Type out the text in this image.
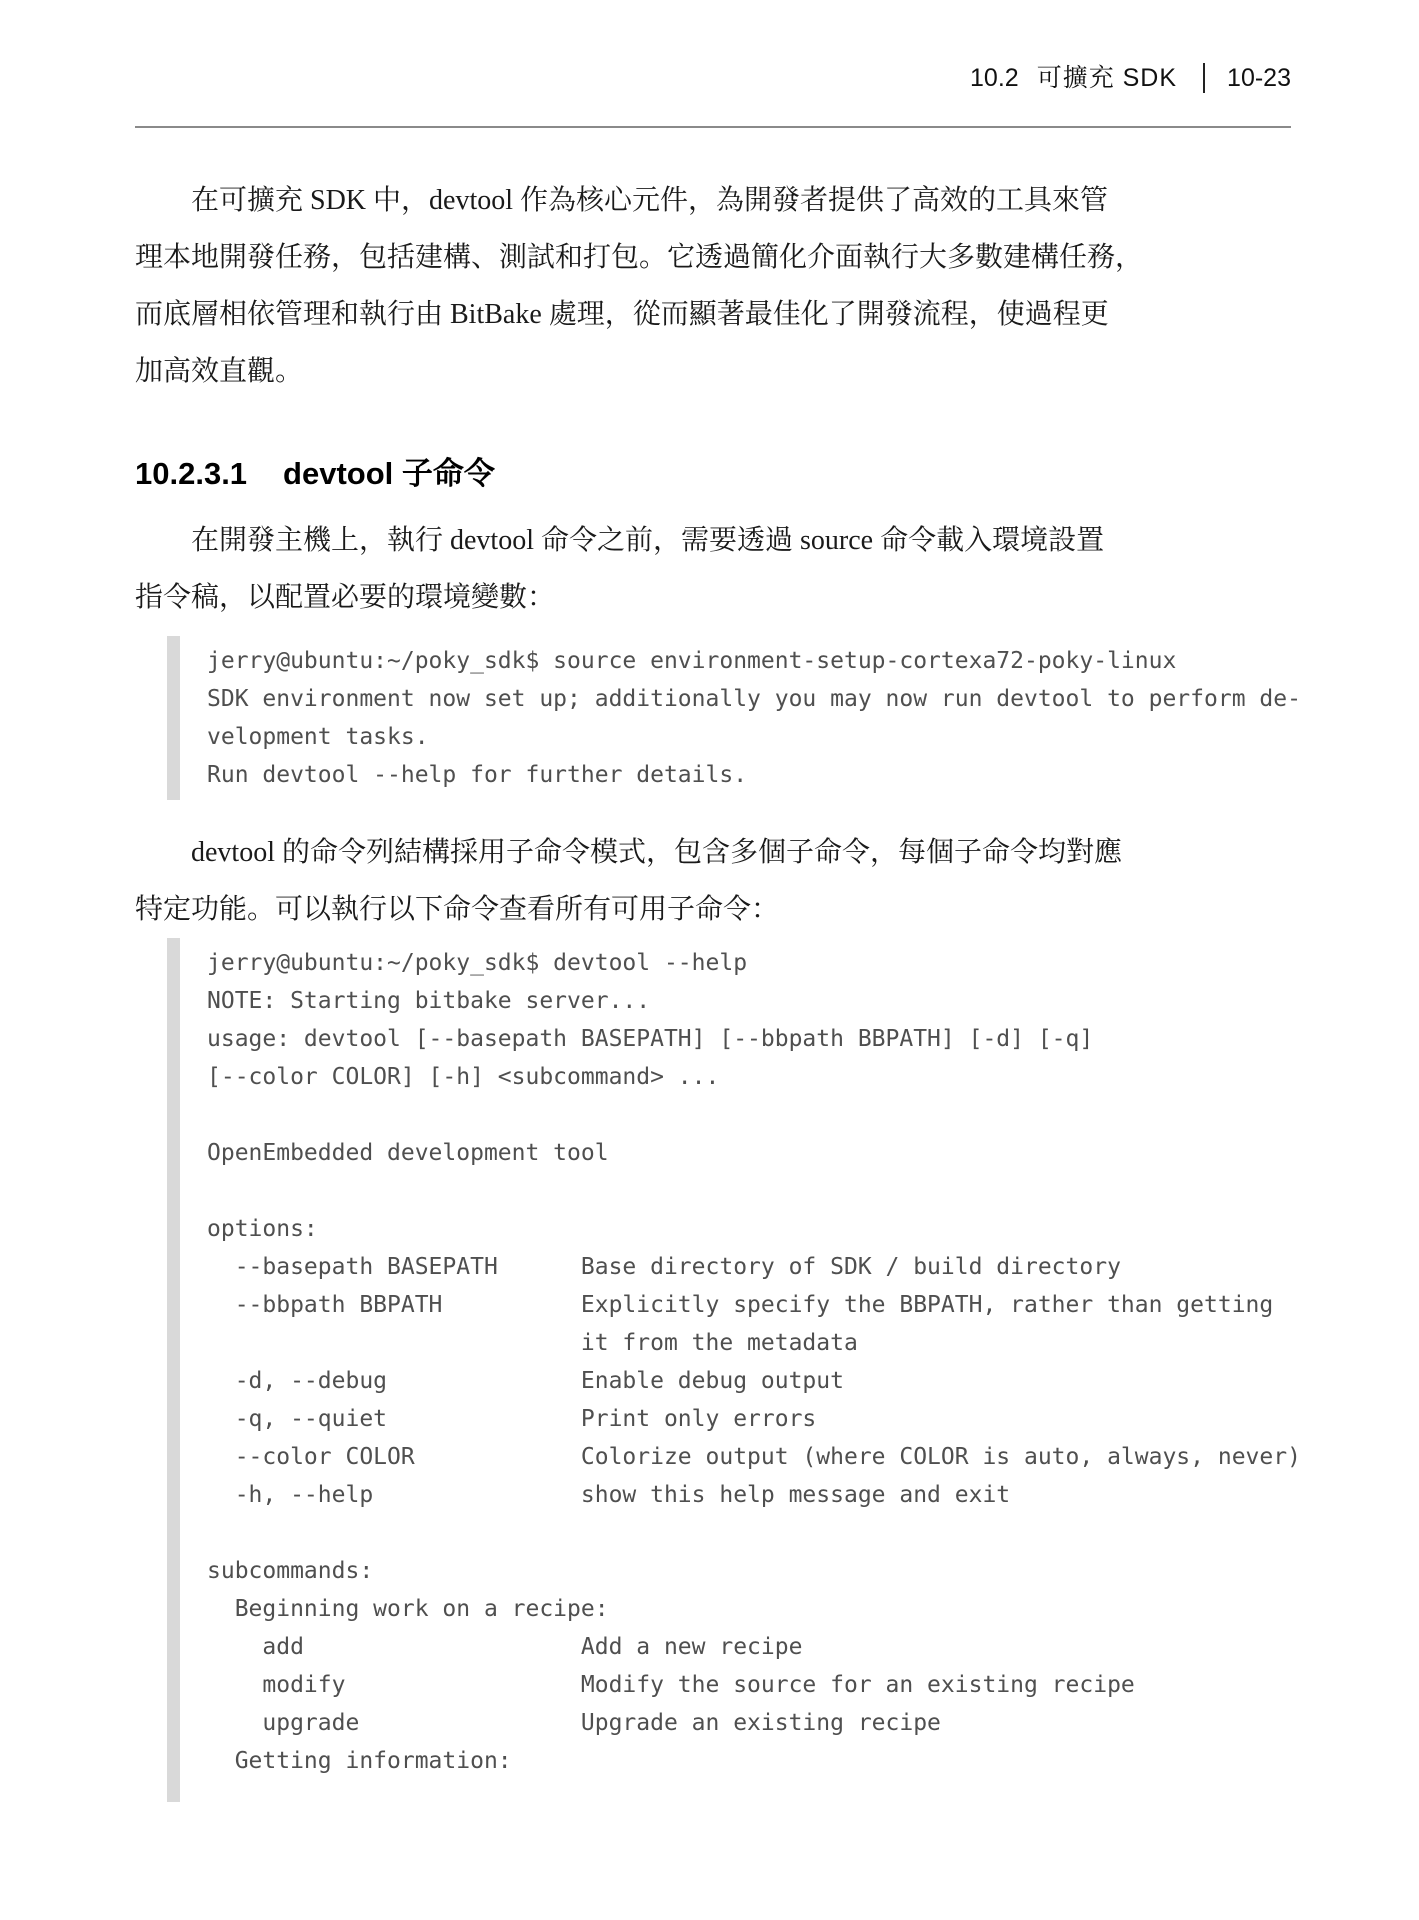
10.2 可擴充 SDK 10-23
在可擴充 SDK 中，devtool 作為核心元件，為開發者提供了高效的工具來管
理本地開發任務，包括建構、測試和打包。它透過簡化介面執行大多數建構任務，
而底層相依管理和執行由 BitBake 處理，從而顯著最佳化了開發流程，使過程更
加高效直觀。
10.2.3.1 devtool 子命令
在開發主機上，執行 devtool 命令之前，需要透過 source 命令載入環境設置
指令稿，以配置必要的環境變數：
jerry@ubuntu:~/poky_sdk$ source environment-setup-cortexa72-poky-linux
SDK environment now set up; additionally you may now run devtool to perform de-
velopment tasks.
Run devtool --help for further details.
devtool 的命令列結構採用子命令模式，包含多個子命令，每個子命令均對應
特定功能。可以執行以下命令查看所有可用子命令：
jerry@ubuntu:~/poky_sdk$ devtool --help
NOTE: Starting bitbake server...
usage: devtool [--basepath BASEPATH] [--bbpath BBPATH] [-d] [-q]
[--color COLOR] [-h] <subcommand> ...

OpenEmbedded development tool

options:
--basepath BASEPATH      Base directory of SDK / build directory
--bbpath BBPATH          Explicitly specify the BBPATH, rather than getting
it from the metadata
-d, --debug              Enable debug output
-q, --quiet              Print only errors
--color COLOR            Colorize output (where COLOR is auto, always, never)
-h, --help               show this help message and exit

subcommands:
Beginning work on a recipe:
add                    Add a new recipe
modify                 Modify the source for an existing recipe
upgrade                Upgrade an existing recipe
Getting information:
